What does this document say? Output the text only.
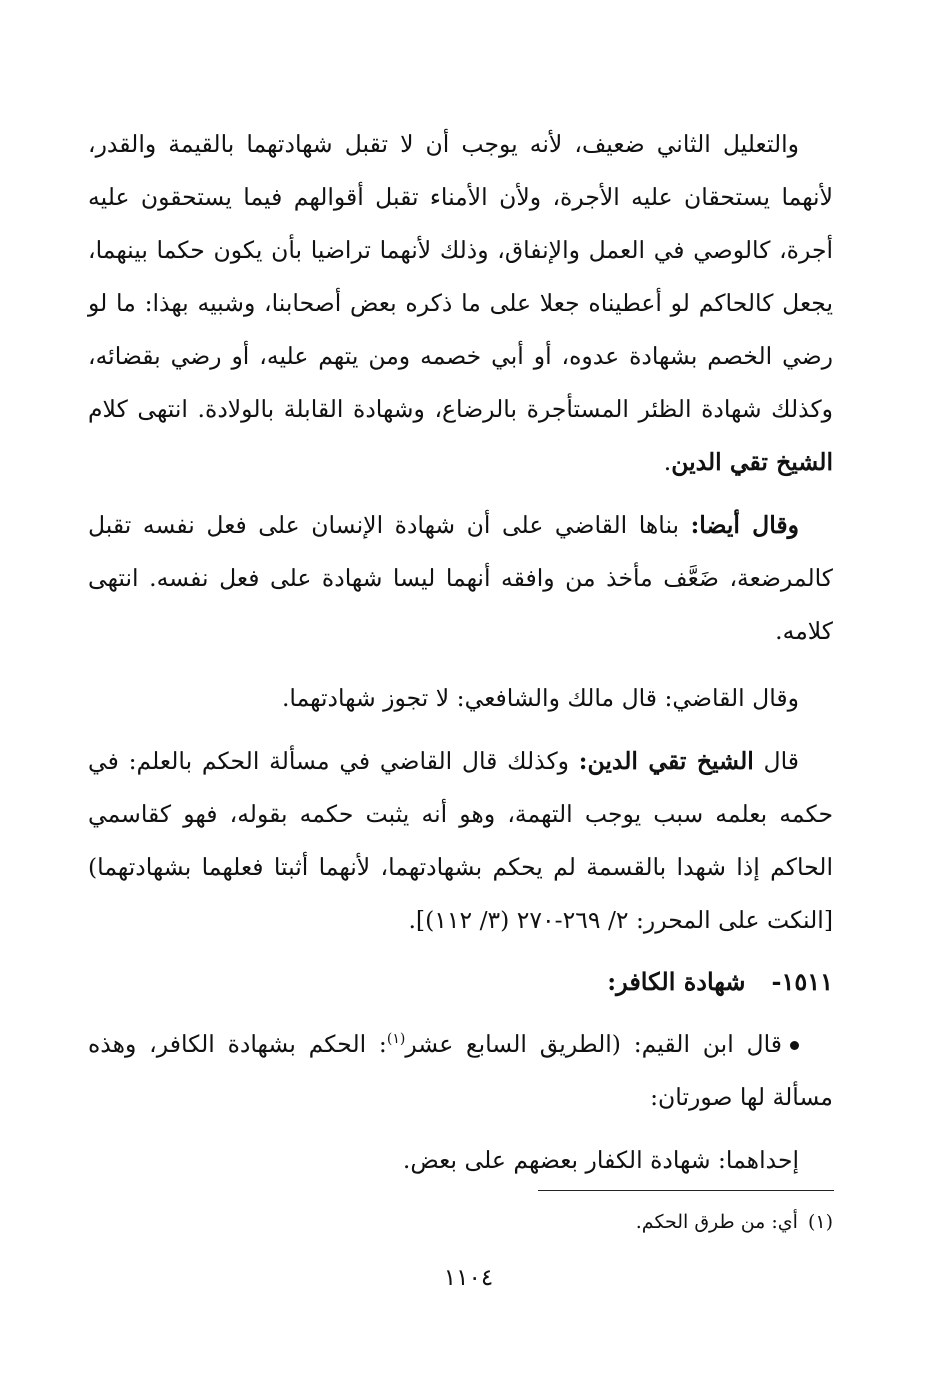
والتعليل الثاني ضعيف، لأنه يوجب أن لا تقبل شهادتهما بالقيمة والقدر، لأنهما يستحقان عليه الأجرة، ولأن الأمناء تقبل أقوالهم فيما يستحقون عليه أجرة، كالوصي في العمل والإنفاق، وذلك لأنهما تراضيا بأن يكون حكما بينهما، يجعل كالحاكم لو أعطيناه جعلا على ما ذكره بعض أصحابنا، وشبيه بهذا: ما لو رضي الخصم بشهادة عدوه، أو أبي خصمه ومن يتهم عليه، أو رضي بقضائه، وكذلك شهادة الظئر المستأجرة بالرضاع، وشهادة القابلة بالولادة. انتهى كلام الشيخ تقي الدين.

وقال أيضا: بناها القاضي على أن شهادة الإنسان على فعل نفسه تقبل كالمرضعة، ضَعَّف مأخذ من وافقه أنهما ليسا شهادة على فعل نفسه. انتهى كلامه.

وقال القاضي: قال مالك والشافعي: لا تجوز شهادتهما.

قال الشيخ تقي الدين: وكذلك قال القاضي في مسألة الحكم بالعلم: في حكمه بعلمه سبب يوجب التهمة، وهو أنه يثبت حكمه بقوله، فهو كقاسمي الحاكم إذا شهدا بالقسمة لم يحكم بشهادتهما، لأنهما أثبتا فعلهما بشهادتهما) [النكت على المحرر: ٢/ ٢٦٩-٢٧٠ (٣/ ١١٢)].

١٥١١-شهادة الكافر:

قال ابن القيم: (الطريق السابع عشر$^{(١)}$: الحكم بشهادة الكافر، وهذه مسألة لها صورتان:

إحداهما: شهادة الكفار بعضهم على بعض.

(١)أي: من طرق الحكم.
١١٠٤
